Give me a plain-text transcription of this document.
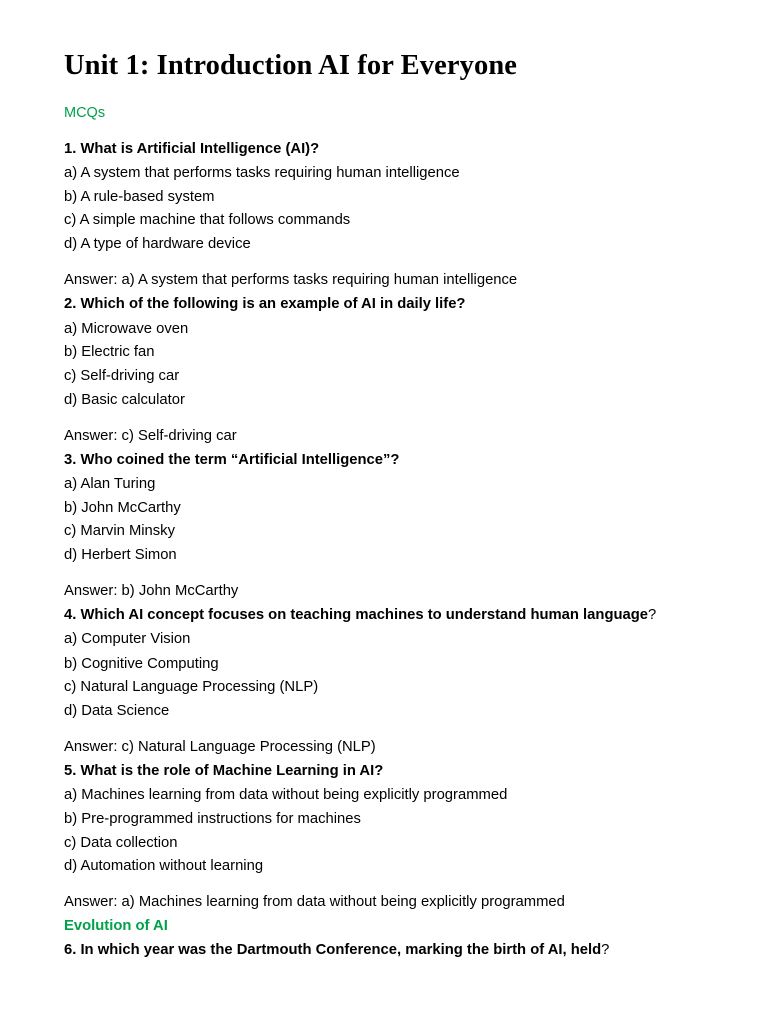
Unit 1: Introduction AI for Everyone
MCQs
1. What is Artificial Intelligence (AI)?
a) A system that performs tasks requiring human intelligence
b) A rule-based system
c) A simple machine that follows commands
d) A type of hardware device
Answer: a) A system that performs tasks requiring human intelligence
2. Which of the following is an example of AI in daily life?
a) Microwave oven
b) Electric fan
c) Self-driving car
d) Basic calculator
Answer: c) Self-driving car
3. Who coined the term “Artificial Intelligence”?
a) Alan Turing
b) John McCarthy
c) Marvin Minsky
d) Herbert Simon
Answer: b) John McCarthy
4. Which AI concept focuses on teaching machines to understand human language?
a) Computer Vision
b) Cognitive Computing
c) Natural Language Processing (NLP)
d) Data Science
Answer: c) Natural Language Processing (NLP)
5. What is the role of Machine Learning in AI?
a) Machines learning from data without being explicitly programmed
b) Pre-programmed instructions for machines
c) Data collection
d) Automation without learning
Answer: a) Machines learning from data without being explicitly programmed
Evolution of AI
6. In which year was the Dartmouth Conference, marking the birth of AI, held?
